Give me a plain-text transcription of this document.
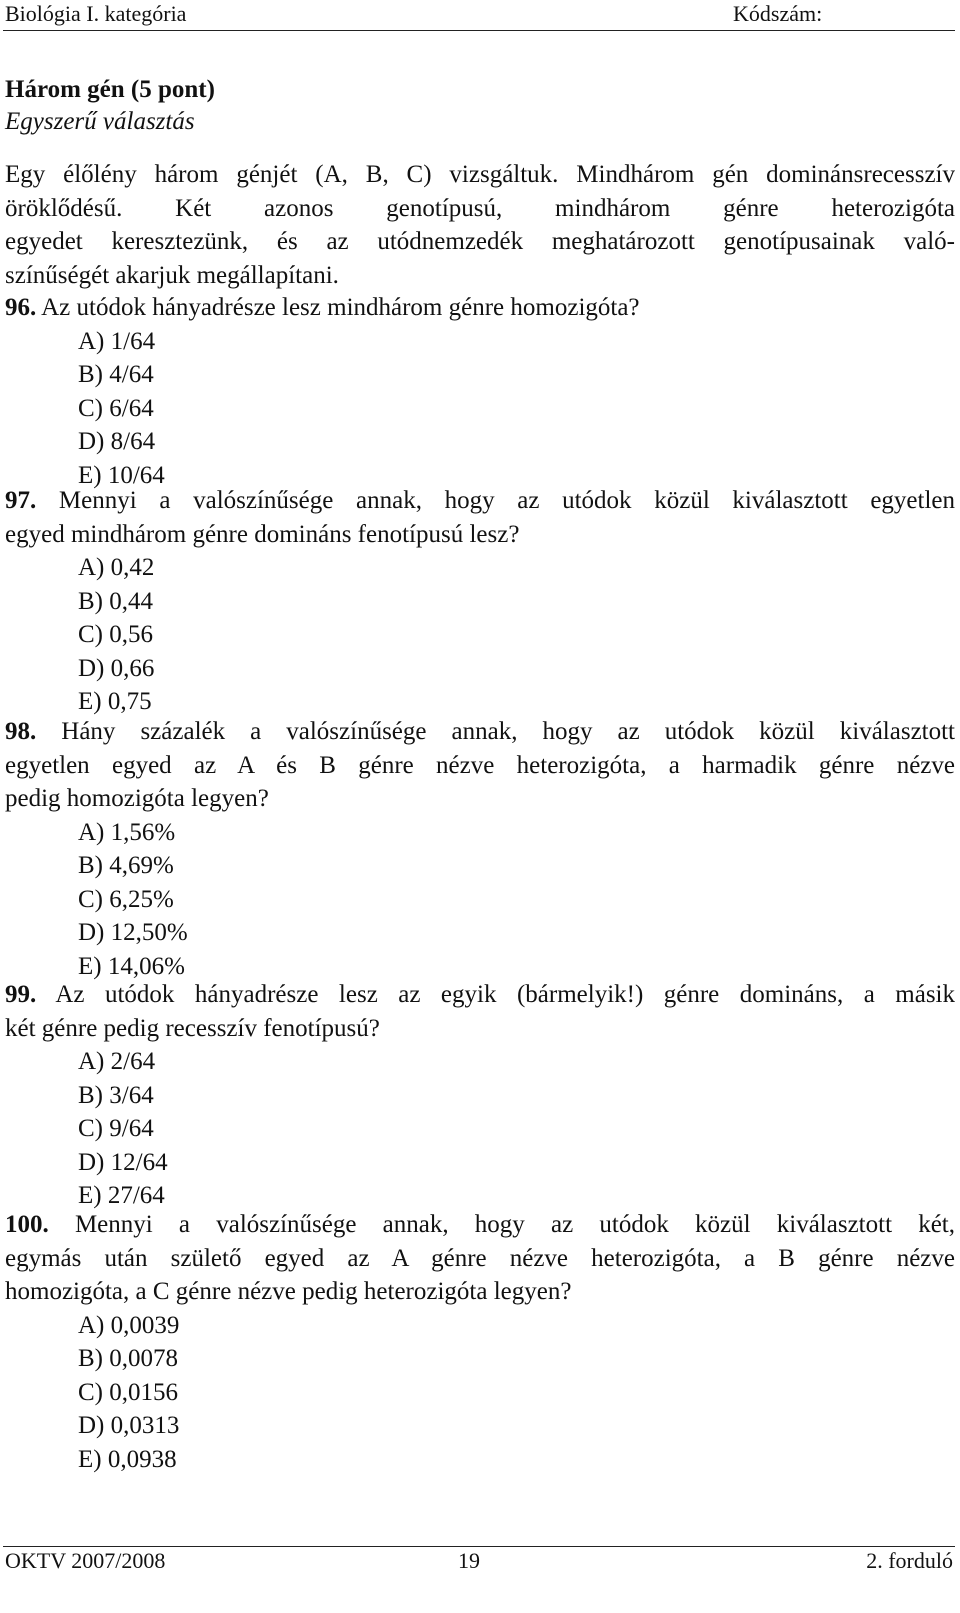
Biológia I. kategória	Kódszám:
Három gén (5 pont)
Egyszerű választás
Egy élőlény három génjét (A, B, C) vizsgáltuk. Mindhárom gén dominánsrecesszív
öröklődésű. Két azonos genotípusú, mindhárom génre heterozigóta
egyedet keresztezünk, és az utódnemzedék meghatározott genotípusainak való-
színűségét akarjuk megállapítani.
96. Az utódok hányadrésze lesz mindhárom génre homozigóta?
A) 1/64
B) 4/64
C) 6/64
D) 8/64
E) 10/64
97. Mennyi a valószínűsége annak, hogy az utódok közül kiválasztott egyetlen
egyed mindhárom génre domináns fenotípusú lesz?
A) 0,42
B) 0,44
C) 0,56
D) 0,66
E) 0,75
98. Hány százalék a valószínűsége annak, hogy az utódok közül kiválasztott
egyetlen egyed az A és B génre nézve heterozigóta, a harmadik génre nézve
pedig homozigóta legyen?
A) 1,56%
B) 4,69%
C) 6,25%
D) 12,50%
E) 14,06%
99. Az utódok hányadrésze lesz az egyik (bármelyik!) génre domináns, a másik
két génre pedig recesszív fenotípusú?
A) 2/64
B) 3/64
C) 9/64
D) 12/64
E) 27/64
100. Mennyi a valószínűsége annak, hogy az utódok közül kiválasztott két,
egymás után születő egyed az A génre nézve heterozigóta, a B génre nézve
homozigóta, a C génre nézve pedig heterozigóta legyen?
A) 0,0039
B) 0,0078
C) 0,0156
D) 0,0313
E) 0,0938
OKTV 2007/2008	19	2. forduló
